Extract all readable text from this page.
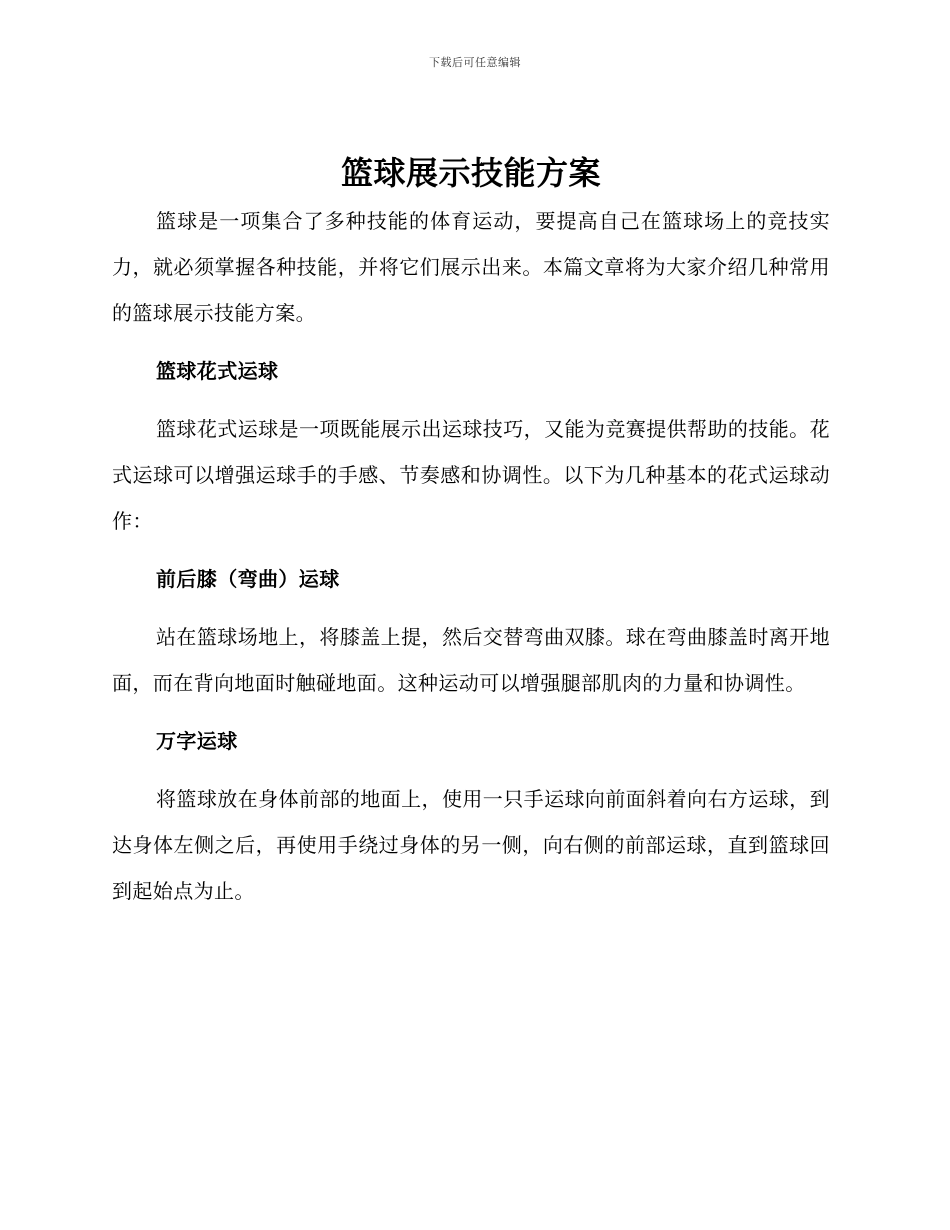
下载后可任意编辑
篮球展示技能方案

篮球是一项集合了多种技能的体育运动，要提高自己在篮球场上的竞技实力，就必须掌握各种技能，并将它们展示出来。本篇文章将为大家介绍几种常用的篮球展示技能方案。

篮球花式运球

篮球花式运球是一项既能展示出运球技巧，又能为竞赛提供帮助的技能。花式运球可以增强运球手的手感、节奏感和协调性。以下为几种基本的花式运球动作：

前后膝（弯曲）运球

站在篮球场地上，将膝盖上提，然后交替弯曲双膝。球在弯曲膝盖时离开地面，而在背向地面时触碰地面。这种运动可以增强腿部肌肉的力量和协调性。

万字运球

将篮球放在身体前部的地面上，使用一只手运球向前面斜着向右方运球，到达身体左侧之后，再使用手绕过身体的另一侧，向右侧的前部运球，直到篮球回到起始点为止。
